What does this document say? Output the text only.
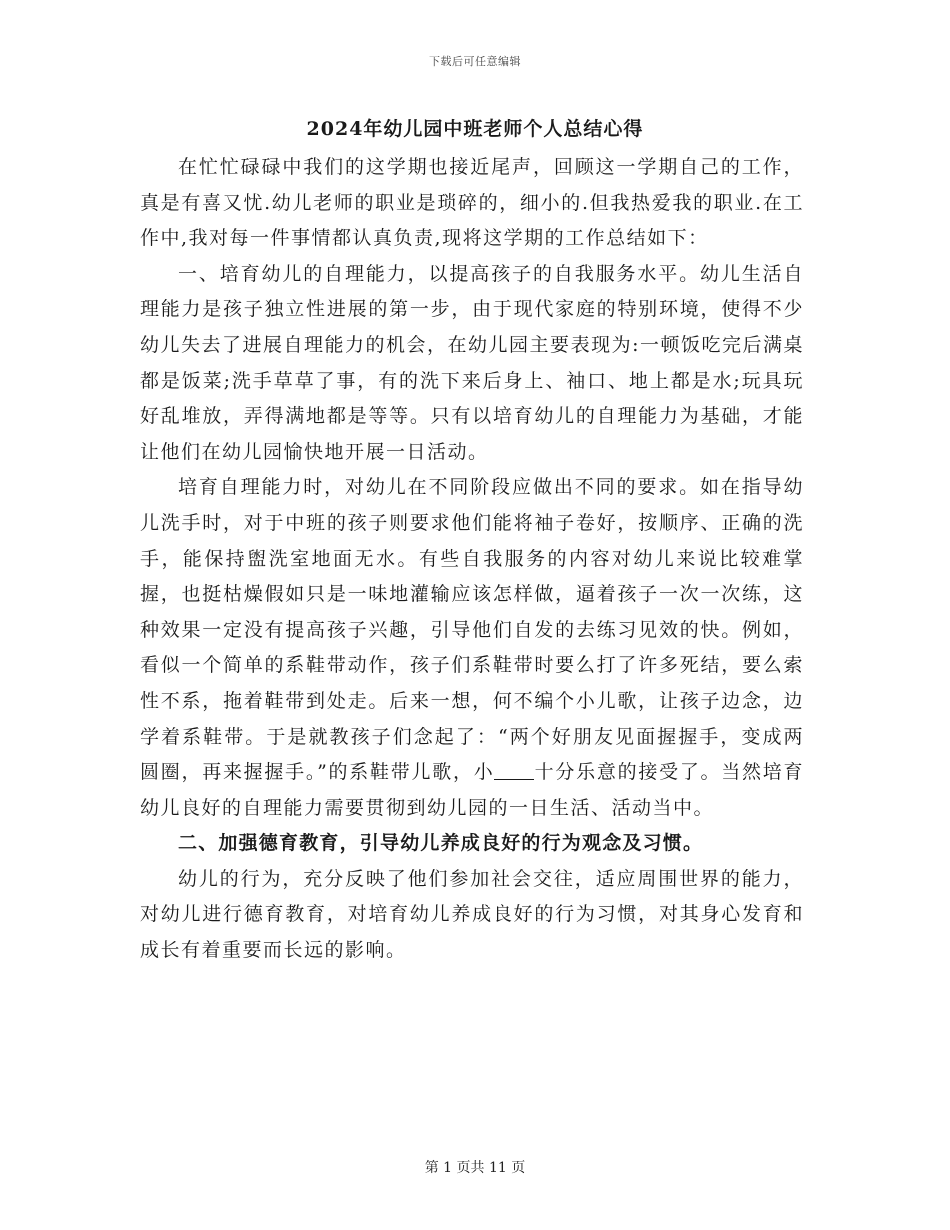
下载后可任意编辑
2024年幼儿园中班老师个人总结心得

在忙忙碌碌中我们的这学期也接近尾声，回顾这一学期自己的工作，真是有喜又忧.幼儿老师的职业是琐碎的，细小的.但我热爱我的职业.在工作中,我对每一件事情都认真负责,现将这学期的工作总结如下：

一、培育幼儿的自理能力，以提高孩子的自我服务水平。幼儿生活自理能力是孩子独立性进展的第一步，由于现代家庭的特别环境，使得不少幼儿失去了进展自理能力的机会，在幼儿园主要表现为:一顿饭吃完后满桌都是饭菜;洗手草草了事，有的洗下来后身上、袖口、地上都是水;玩具玩好乱堆放，弄得满地都是等等。只有以培育幼儿的自理能力为基础，才能让他们在幼儿园愉快地开展一日活动。

培育自理能力时，对幼儿在不同阶段应做出不同的要求。如在指导幼儿洗手时，对于中班的孩子则要求他们能将袖子卷好，按顺序、正确的洗手，能保持盥洗室地面无水。有些自我服务的内容对幼儿来说比较难掌握，也挺枯燥假如只是一味地灌输应该怎样做，逼着孩子一次一次练，这种效果一定没有提高孩子兴趣，引导他们自发的去练习见效的快。例如，看似一个简单的系鞋带动作，孩子们系鞋带时要么打了许多死结，要么索性不系，拖着鞋带到处走。后来一想，何不编个小儿歌，让孩子边念，边学着系鞋带。于是就教孩子们念起了：“两个好朋友见面握握手，变成两圆圈，再来握握手。”的系鞋带儿歌，小 十分乐意的接受了。当然培育幼儿良好的自理能力需要贯彻到幼儿园的一日生活、活动当中。

二、加强德育教育，引导幼儿养成良好的行为观念及习惯。

幼儿的行为，充分反映了他们参加社会交往，适应周围世界的能力，对幼儿进行德育教育，对培育幼儿养成良好的行为习惯，对其身心发育和成长有着重要而长远的影响。

第 1 页共 11 页
